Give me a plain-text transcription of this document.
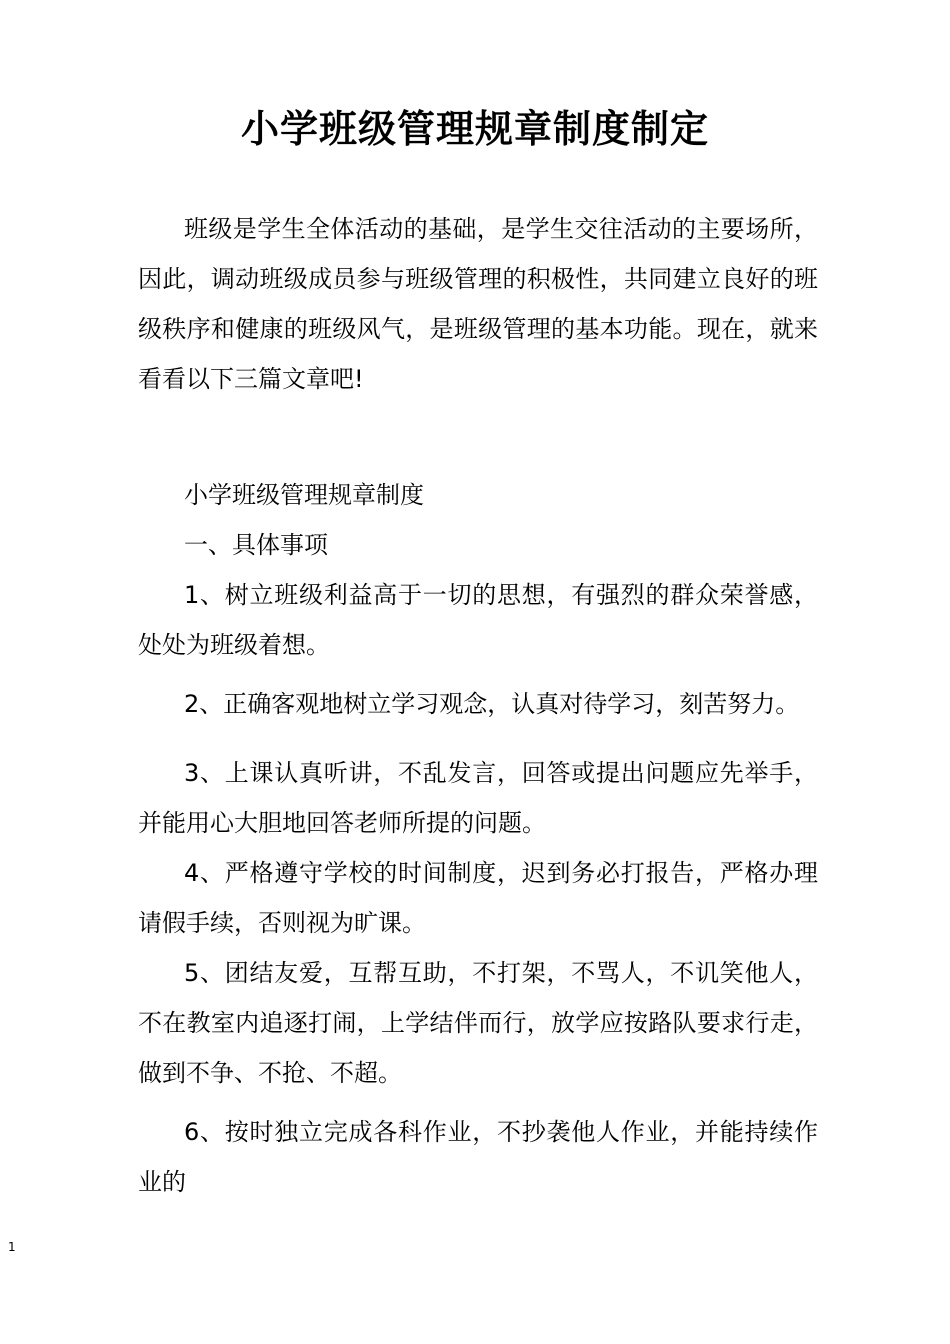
小学班级管理规章制度制定

班级是学生全体活动的基础，是学生交往活动的主要场所，因此，调动班级成员参与班级管理的积极性，共同建立良好的班级秩序和健康的班级风气，是班级管理的基本功能。现在，就来看看以下三篇文章吧!

小学班级管理规章制度

一、具体事项

1、树立班级利益高于一切的思想，有强烈的群众荣誉感，处处为班级着想。

2、正确客观地树立学习观念，认真对待学习，刻苦努力。

3、上课认真听讲，不乱发言，回答或提出问题应先举手，并能用心大胆地回答老师所提的问题。

4、严格遵守学校的时间制度，迟到务必打报告，严格办理请假手续，否则视为旷课。

5、团结友爱，互帮互助，不打架，不骂人，不讥笑他人，不在教室内追逐打闹，上学结伴而行，放学应按路队要求行走，做到不争、不抢、不超。

6、按时独立完成各科作业，不抄袭他人作业，并能持续作业的

1
